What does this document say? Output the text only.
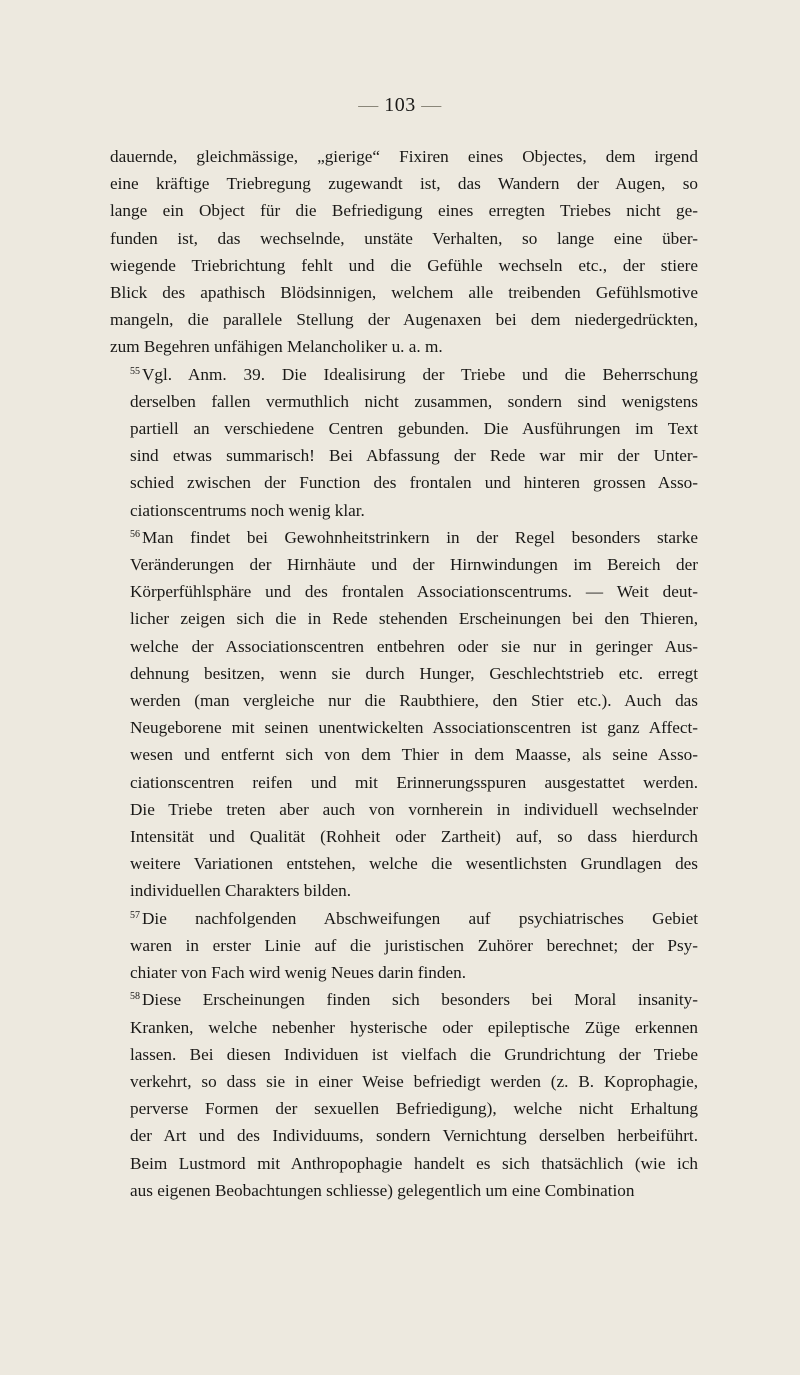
— 103 —
dauernde, gleichmässige, „gierige“ Fixiren eines Objectes, dem irgend
eine kräftige Triebregung zugewandt ist, das Wandern der Augen, so
lange ein Object für die Befriedigung eines erregten Triebes nicht ge-
funden ist, das wechselnde, unstäte Verhalten, so lange eine über-
wiegende Triebrichtung fehlt und die Gefühle wechseln etc., der stiere
Blick des apathisch Blödsinnigen, welchem alle treibenden Gefühlsmotive
mangeln, die parallele Stellung der Augenaxen bei dem niedergedrückten,
zum Begehren unfähigen Melancholiker u. a. m.
$^{55}$ Vgl. Anm. 39. Die Idealisirung der Triebe und die Beherrschung
derselben fallen vermuthlich nicht zusammen, sondern sind wenigstens
partiell an verschiedene Centren gebunden. Die Ausführungen im Text
sind etwas summarisch! Bei Abfassung der Rede war mir der Unter-
schied zwischen der Function des frontalen und hinteren grossen Asso-
ciationscentrums noch wenig klar.
$^{56}$ Man findet bei Gewohnheitstrinkern in der Regel besonders starke
Veränderungen der Hirnhäute und der Hirnwindungen im Bereich der
Körperfühlsphäre und des frontalen Associationscentrums. — Weit deut-
licher zeigen sich die in Rede stehenden Erscheinungen bei den Thieren,
welche der Associationscentren entbehren oder sie nur in geringer Aus-
dehnung besitzen, wenn sie durch Hunger, Geschlechtstrieb etc. erregt
werden (man vergleiche nur die Raubthiere, den Stier etc.). Auch das
Neugeborene mit seinen unentwickelten Associationscentren ist ganz Affect-
wesen und entfernt sich von dem Thier in dem Maasse, als seine Asso-
ciationscentren reifen und mit Erinnerungsspuren ausgestattet werden.
Die Triebe treten aber auch von vornherein in individuell wechselnder
Intensität und Qualität (Rohheit oder Zartheit) auf, so dass hierdurch
weitere Variationen entstehen, welche die wesentlichsten Grundlagen des
individuellen Charakters bilden.
$^{57}$ Die nachfolgenden Abschweifungen auf psychiatrisches Gebiet
waren in erster Linie auf die juristischen Zuhörer berechnet; der Psy-
chiater von Fach wird wenig Neues darin finden.
$^{58}$ Diese Erscheinungen finden sich besonders bei Moral insanity-
Kranken, welche nebenher hysterische oder epileptische Züge erkennen
lassen. Bei diesen Individuen ist vielfach die Grundrichtung der Triebe
verkehrt, so dass sie in einer Weise befriedigt werden (z. B. Koprophagie,
perverse Formen der sexuellen Befriedigung), welche nicht Erhaltung
der Art und des Individuums, sondern Vernichtung derselben herbeiführt.
Beim Lustmord mit Anthropophagie handelt es sich thatsächlich (wie ich
aus eigenen Beobachtungen schliesse) gelegentlich um eine Combination
